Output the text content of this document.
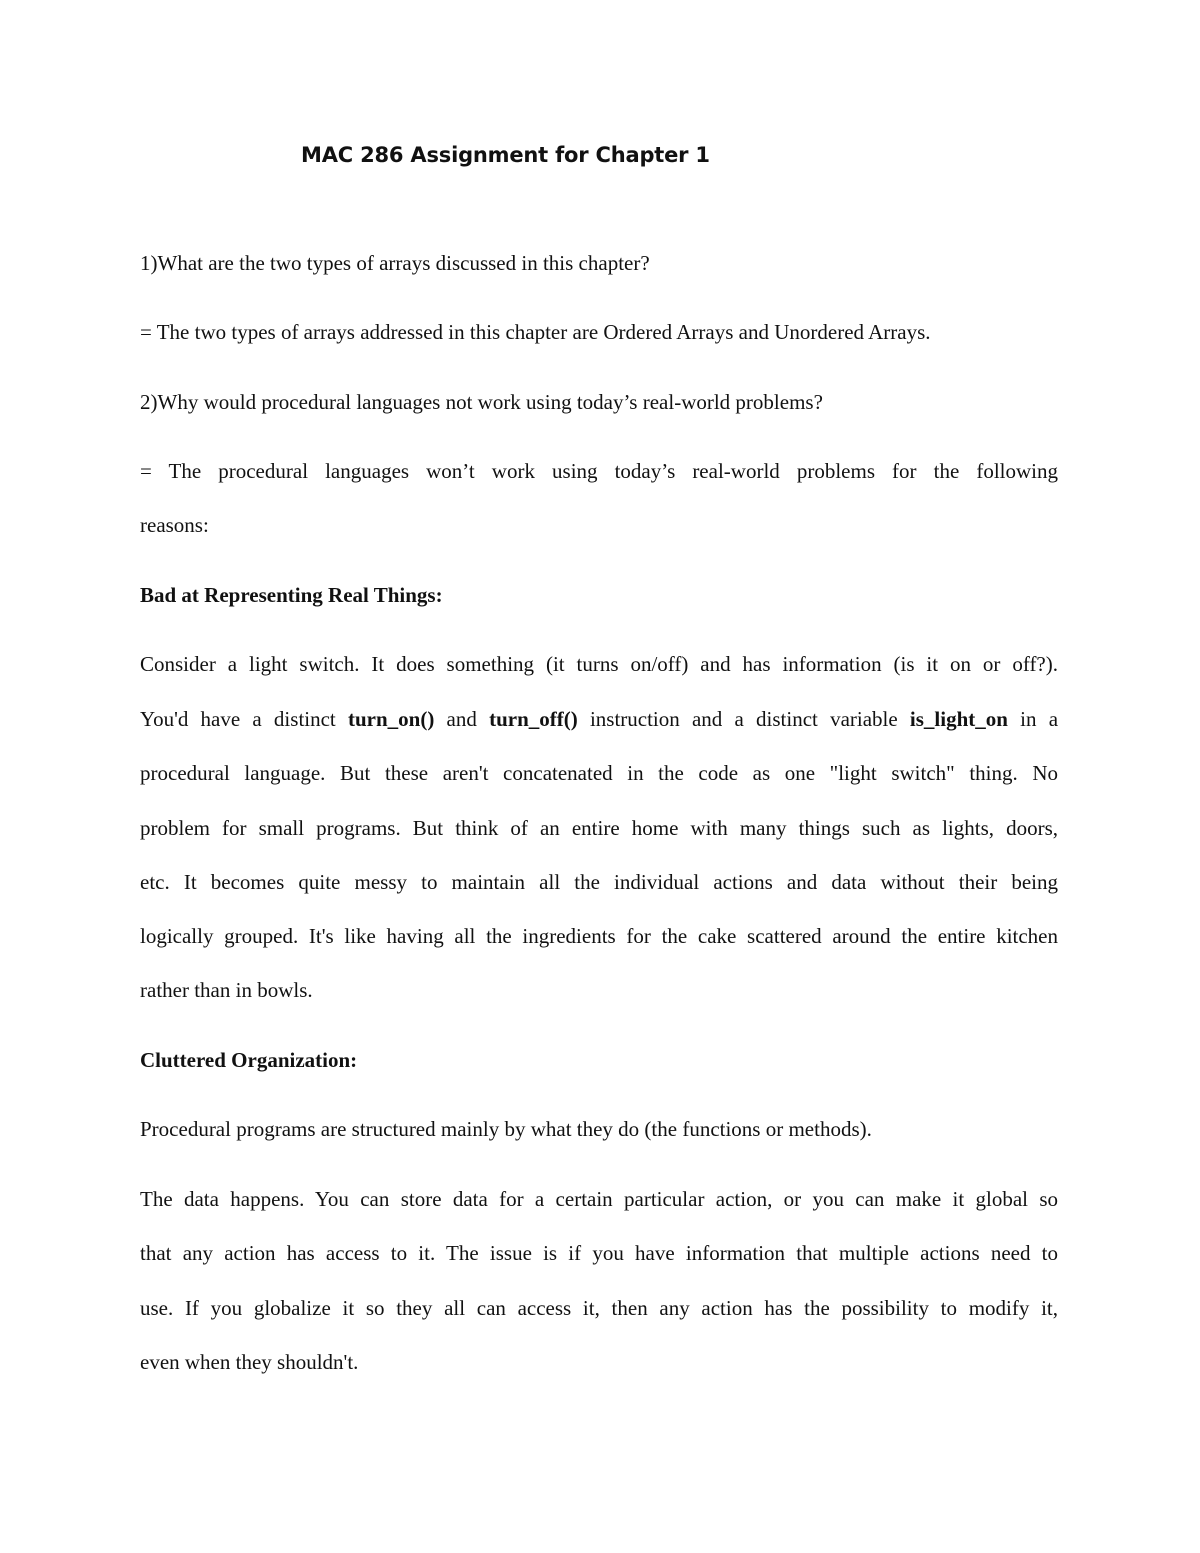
MAC 286 Assignment for Chapter 1
1)What are the two types of arrays discussed in this chapter?
= The two types of arrays addressed in this chapter are Ordered Arrays and Unordered Arrays.
2)Why would procedural languages not work using today’s real-world problems?
= The procedural languages won’t work using today’s real-world problems for the following
reasons:
Bad at Representing Real Things:
Consider a light switch. It does something (it turns on/off) and has information (is it on or off?).
You'd have a distinct turn_on() and turn_off() instruction and a distinct variable is_light_on in a
procedural language. But these aren't concatenated in the code as one "light switch" thing. No
problem for small programs. But think of an entire home with many things such as lights, doors,
etc. It becomes quite messy to maintain all the individual actions and data without their being
logically grouped. It's like having all the ingredients for the cake scattered around the entire kitchen
rather than in bowls.
Cluttered Organization:
Procedural programs are structured mainly by what they do (the functions or methods).
The data happens. You can store data for a certain particular action, or you can make it global so
that any action has access to it. The issue is if you have information that multiple actions need to
use. If you globalize it so they all can access it, then any action has the possibility to modify it,
even when they shouldn't.
